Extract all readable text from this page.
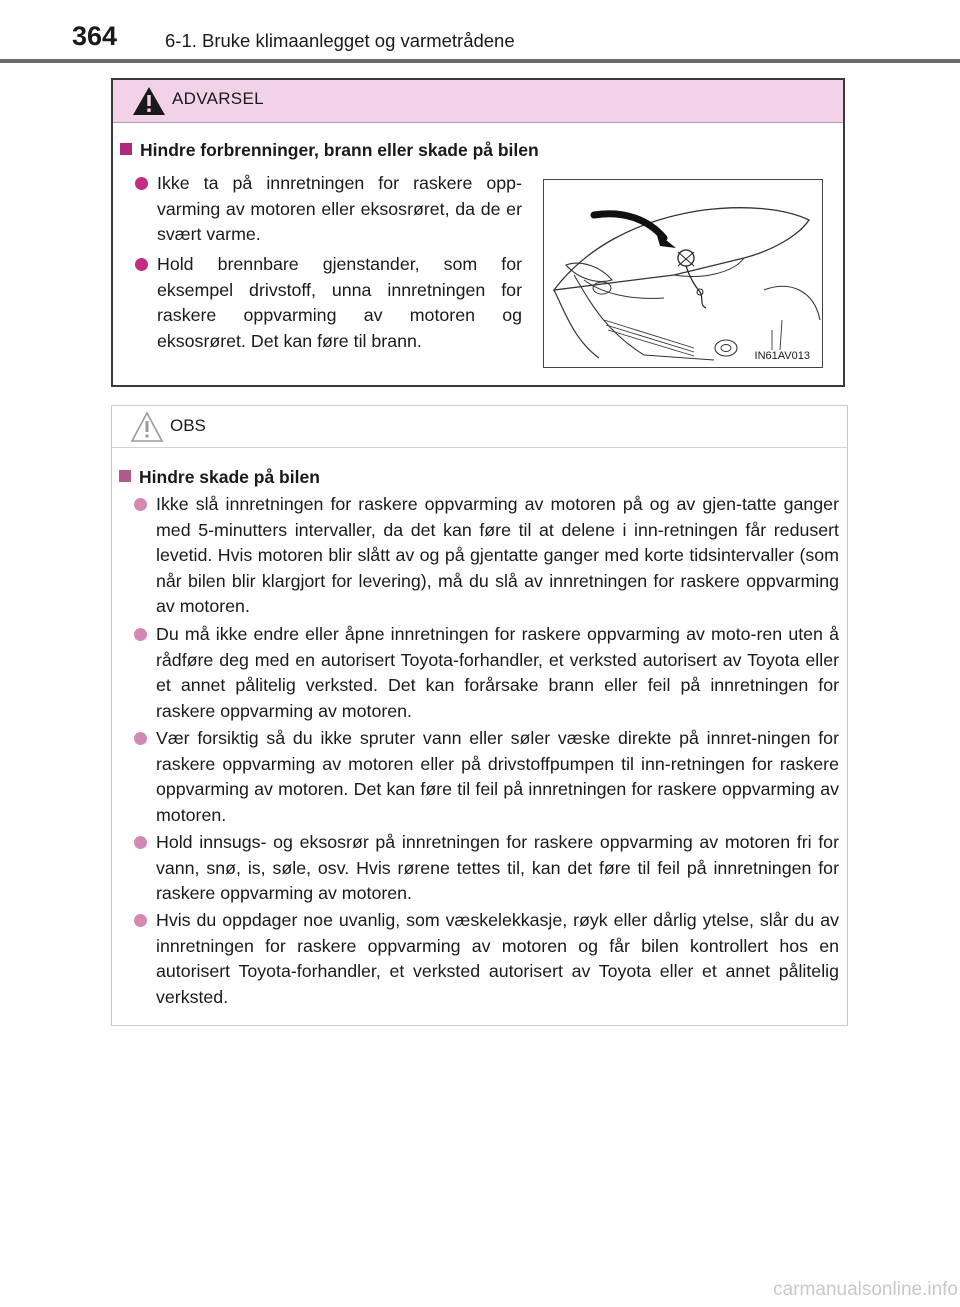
364	6-1. Bruke klimaanlegget og varmetrådene
ADVARSEL
Hindre forbrenninger, brann eller skade på bilen
Ikke ta på innretningen for raskere opp-varming av motoren eller eksosrøret, da de er svært varme.
Hold brennbare gjenstander, som for eksempel drivstoff, unna innretningen for raskere oppvarming av motoren og eksosrøret. Det kan føre til brann.
IN61AV013
OBS
Hindre skade på bilen
Ikke slå innretningen for raskere oppvarming av motoren på og av gjen-tatte ganger med 5-minutters intervaller, da det kan føre til at delene i inn-retningen får redusert levetid. Hvis motoren blir slått av og på gjentatte ganger med korte tidsintervaller (som når bilen blir klargjort for levering), må du slå av innretningen for raskere oppvarming av motoren.
Du må ikke endre eller åpne innretningen for raskere oppvarming av moto-ren uten å rådføre deg med en autorisert Toyota-forhandler, et verksted autorisert av Toyota eller et annet pålitelig verksted. Det kan forårsake brann eller feil på innretningen for raskere oppvarming av motoren.
Vær forsiktig så du ikke spruter vann eller søler væske direkte på innret-ningen for raskere oppvarming av motoren eller på drivstoffpumpen til inn-retningen for raskere oppvarming av motoren. Det kan føre til feil på innretningen for raskere oppvarming av motoren.
Hold innsugs- og eksosrør på innretningen for raskere oppvarming av motoren fri for vann, snø, is, søle, osv. Hvis rørene tettes til, kan det føre til feil på innretningen for raskere oppvarming av motoren.
Hvis du oppdager noe uvanlig, som væskelekkasje, røyk eller dårlig ytelse, slår du av innretningen for raskere oppvarming av motoren og får bilen kontrollert hos en autorisert Toyota-forhandler, et verksted autorisert av Toyota eller et annet pålitelig verksted.
carmanualsonline.info
